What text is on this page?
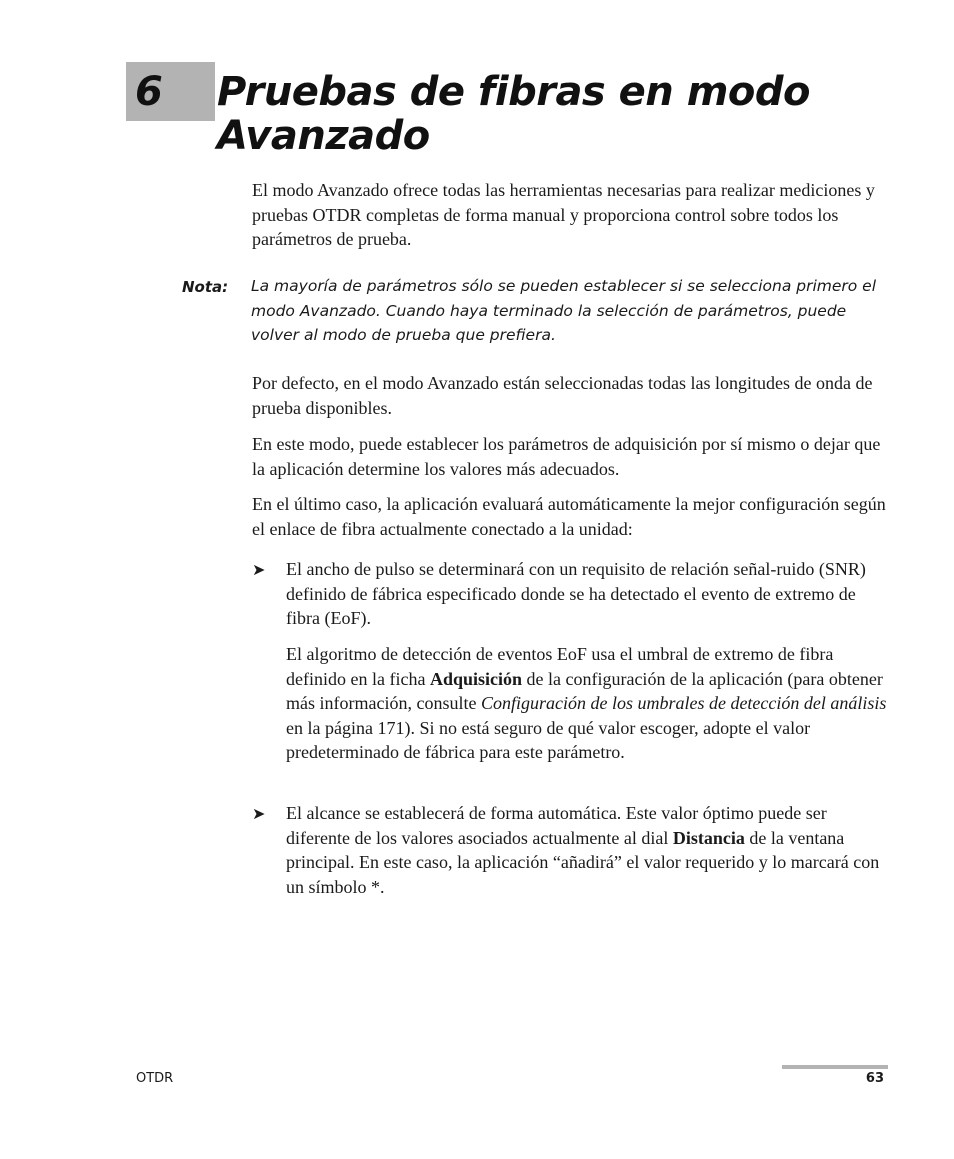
6 Pruebas de fibras en modo Avanzado

El modo Avanzado ofrece todas las herramientas necesarias para realizar mediciones y pruebas OTDR completas de forma manual y proporciona control sobre todos los parámetros de prueba.

Nota: La mayoría de parámetros sólo se pueden establecer si se selecciona primero el modo Avanzado. Cuando haya terminado la selección de parámetros, puede volver al modo de prueba que prefiera.

Por defecto, en el modo Avanzado están seleccionadas todas las longitudes de onda de prueba disponibles.

En este modo, puede establecer los parámetros de adquisición por sí mismo o dejar que la aplicación determine los valores más adecuados.

En el último caso, la aplicación evaluará automáticamente la mejor configuración según el enlace de fibra actualmente conectado a la unidad:

➤ El ancho de pulso se determinará con un requisito de relación señal-ruido (SNR) definido de fábrica especificado donde se ha detectado el evento de extremo de fibra (EoF).

El algoritmo de detección de eventos EoF usa el umbral de extremo de fibra definido en la ficha Adquisición de la configuración de la aplicación (para obtener más información, consulte Configuración de los umbrales de detección del análisis en la página 171). Si no está seguro de qué valor escoger, adopte el valor predeterminado de fábrica para este parámetro.

➤ El alcance se establecerá de forma automática. Este valor óptimo puede ser diferente de los valores asociados actualmente al dial Distancia de la ventana principal. En este caso, la aplicación “añadirá” el valor requerido y lo marcará con un símbolo *.

OTDR	63
